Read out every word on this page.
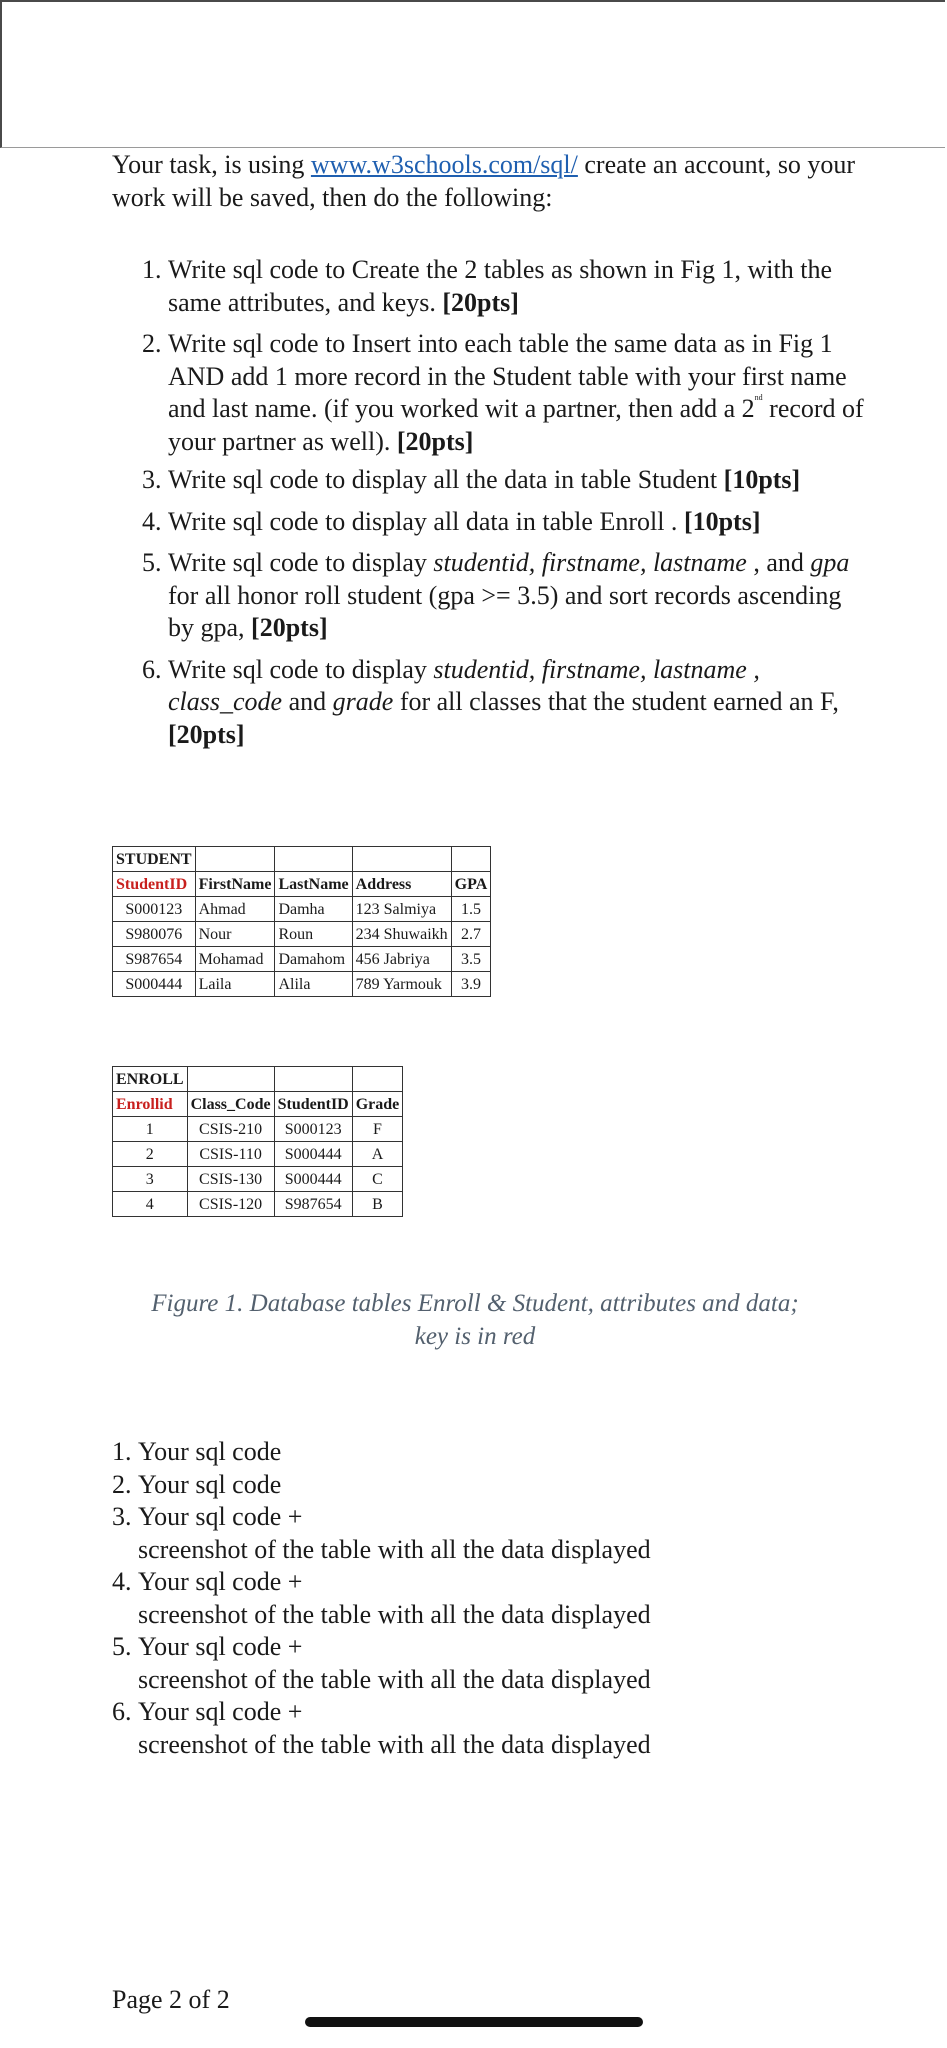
Your task, is using www.w3schools.com/sql/ create an account, so your work will be saved, then do the following:
1. Write sql code to Create the 2 tables as shown in Fig 1, with the same attributes, and keys. [20pts]
2. Write sql code to Insert into each table the same data as in Fig 1 AND add 1 more record in the Student table with your first name and last name. (if you worked wit a partner, then add a 2nd record of your partner as well). [20pts]
3. Write sql code to display all the data in table Student [10pts]
4. Write sql code to display all data in table Enroll . [10pts]
5. Write sql code to display studentid, firstname, lastname , and gpa for all honor roll student (gpa >= 3.5) and sort records ascending by gpa, [20pts]
6. Write sql code to display studentid, firstname, lastname , class_code and grade for all classes that the student earned an F, [20pts]
STUDENT				
StudentID	FirstName	LastName	Address	GPA
S000123	Ahmad	Damha	123 Salmiya	1.5
S980076	Nour	Roun	234 Shuwaikh	2.7
S987654	Mohamad	Damahom	456 Jabriya	3.5
S000444	Laila	Alila	789 Yarmouk	3.9
ENROLL			
Enrollid	Class_Code	StudentID	Grade
1	CSIS-210	S000123	F
2	CSIS-110	S000444	A
3	CSIS-130	S000444	C
4	CSIS-120	S987654	B
Figure 1. Database tables Enroll & Student, attributes and data;
key is in red
1. Your sql code
2. Your sql code
3. Your sql code +
screenshot of the table with all the data displayed
4. Your sql code +
screenshot of the table with all the data displayed
5. Your sql code +
screenshot of the table with all the data displayed
6. Your sql code +
screenshot of the table with all the data displayed
Page 2 of 2
